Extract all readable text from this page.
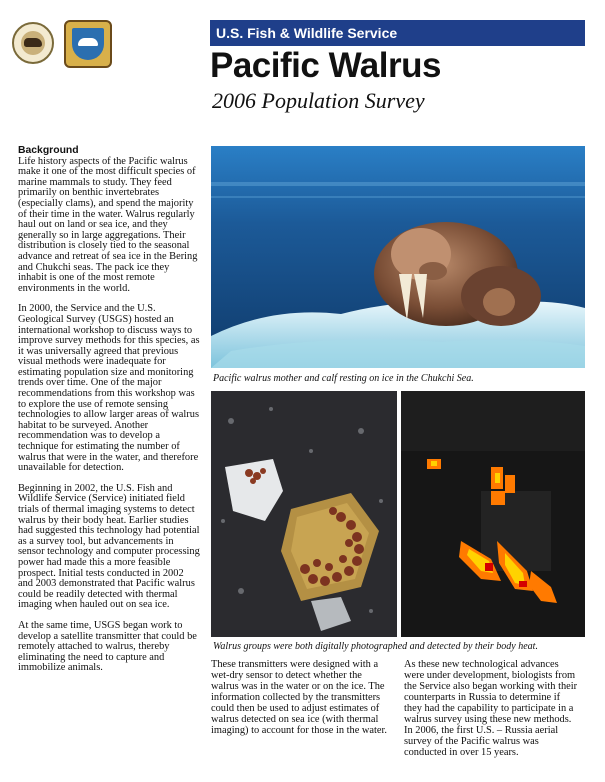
U.S. Fish & Wildlife Service
Pacific Walrus
2006 Population Survey
Background

Life history aspects of the Pacific walrus make it one of the most difficult species of marine mammals to study. They feed primarily on benthic invertebrates (especially clams), and spend the majority of their time in the water. Walrus regularly haul out on land or sea ice, and they generally so in large aggregations. Their distribution is closely tied to the seasonal advance and retreat of sea ice in the Bering and Chukchi seas. The pack ice they inhabit is one of the most remote environments in the world.

In 2000, the Service and the U.S. Geological Survey (USGS) hosted an international workshop to discuss ways to improve survey methods for this species, as it was universally agreed that previous visual methods were inadequate for estimating population size and monitoring trends over time. One of the major recommendations from this workshop was to explore the use of remote sensing technologies to allow larger areas of walrus habitat to be surveyed. Another recommendation was to develop a technique for estimating the number of walrus that were in the water, and therefore unavailable for detection.

Beginning in 2002, the U.S. Fish and Wildlife Service (Service) initiated field trials of thermal imaging systems to detect walrus by their body heat. Earlier studies had suggested this technology had potential as a survey tool, but advancements in sensor technology and computer processing power had made this a more feasible prospect. Initial tests conducted in 2002 and 2003 demonstrated that Pacific walrus could be readily detected with thermal imaging when hauled out on sea ice.

At the same time, USGS began work to develop a satellite transmitter that could be remotely attached to walrus, thereby eliminating the need to capture and immobilize animals.

Pacific walrus mother and calf resting on ice in the Chukchi Sea.
Walrus groups were both digitally photographed and detected by their body heat.
These transmitters were designed with a wet-dry sensor to detect whether the walrus was in the water or on the ice. The information collected by the transmitters could then be used to adjust estimates of walrus detected on sea ice (with thermal imaging) to account for those in the water.
As these new technological advances were under development, biologists from the Service also began working with their counterparts in Russia to determine if they had the capability to participate in a walrus survey using these new methods. In 2006, the first U.S. – Russia aerial survey of the Pacific walrus was conducted in over 15 years.
